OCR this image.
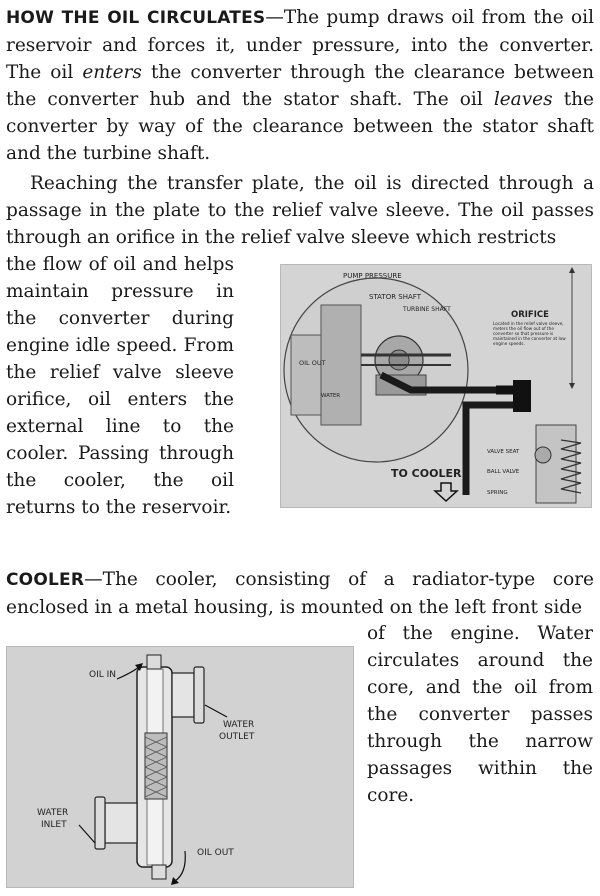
HOW THE OIL CIRCULATES—The pump draws oil from the oil reservoir and forces it, under pressure, into the converter. The oil enters the converter through the clearance between the converter hub and the stator shaft. The oil leaves the converter by way of the clearance between the stator shaft and the turbine shaft.

Reaching the transfer plate, the oil is directed through a passage in the plate to the relief valve sleeve. The oil passes through an orifice in the relief valve sleeve which restricts

the flow of oil and helps maintain pressure in the converter during engine idle speed. From the relief valve sleeve orifice, oil enters the external line to the cooler. Passing through the cooler, the oil returns to the reservoir.
PUMP PRESSURE
STATOR SHAFT
TURBINE SHAFT
ORIFICE
Located in the relief valve sleeve, meters the oil flow out of the converter so that pressure is maintained in the converter at low engine speeds.
OIL OUT
WATER
TO COOLER
VALVE SEAT
BALL VALVE
SPRING

COOLER—The cooler, consisting of a radiator-type core enclosed in a metal housing, is mounted on the left front side

of the engine. Water circulates around the core, and the oil from the converter passes through the narrow passages within the core.
OIL IN
WATER
OUTLET
WATER
INLET
OIL OUT
